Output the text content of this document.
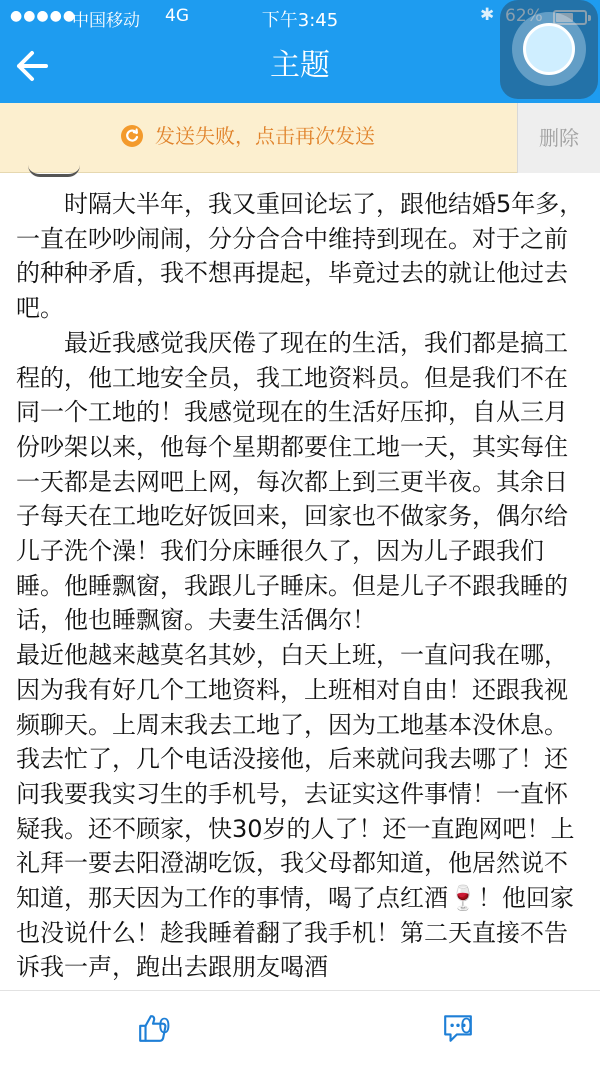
●●●●●
中国移动 4G	下午3:45	✱
主题
发送失败，点击再次发送	删除

时隔大半年，我又重回论坛了，跟他结婚5年多，一直在吵吵闹闹，分分合合中维持到现在。对于之前的种种矛盾，我不想再提起，毕竟过去的就让他过去吧。

最近我感觉我厌倦了现在的生活，我们都是搞工程的，他工地安全员，我工地资料员。但是我们不在同一个工地的！我感觉现在的生活好压抑，自从三月份吵架以来，他每个星期都要住工地一天，其实每住一天都是去网吧上网，每次都上到三更半夜。其余日子每天在工地吃好饭回来，回家也不做家务，偶尔给儿子洗个澡！我们分床睡很久了，因为儿子跟我们睡。他睡飘窗，我跟儿子睡床。但是儿子不跟我睡的话，他也睡飘窗。夫妻生活偶尔！

最近他越来越莫名其妙，白天上班，一直问我在哪，因为我有好几个工地资料，上班相对自由！还跟我视频聊天。上周末我去工地了，因为工地基本没休息。我去忙了，几个电话没接他，后来就问我去哪了！还问我要我实习生的手机号，去证实这件事情！一直怀疑我。还不顾家，快30岁的人了！还一直跑网吧！上礼拜一要去阳澄湖吃饭，我父母都知道，他居然说不知道，那天因为工作的事情，喝了点红酒🍷！他回家也没说什么！趁我睡着翻了我手机！第二天直接不告诉我一声，跑出去跟朋友喝酒

0	0
